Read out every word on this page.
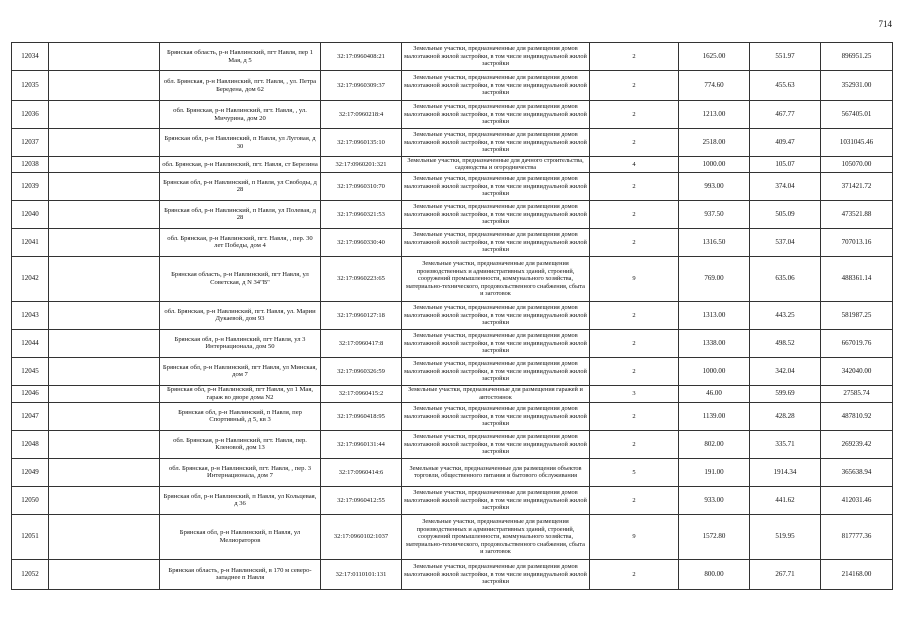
714
12034		Брянская область, р-н Навлинский, пгт Навля, пер 1 Мая, д 5	32:17:0960408:21	Земельные участки, предназначенные для размещения домов малоэтажной жилой застройки, в том числе индивидуальной жилой застройки	2	1625.00	551.97	896951.25
12035		обл. Брянская, р-н Навлинский, пгт. Навля, , ул. Петра Бередена, дом 62	32:17:0960309:37	Земельные участки, предназначенные для размещения домов малоэтажной жилой застройки, в том числе индивидуальной жилой застройки	2	774.60	455.63	352931.00
12036		обл. Брянская, р-н Навлинский, пгт. Навля, , ул. Мичурина, дом 20	32:17:0960218:4	Земельные участки, предназначенные для размещения домов малоэтажной жилой застройки, в том числе индивидуальной жилой застройки	2	1213.00	467.77	567405.01
12037		Брянская обл, р-н Навлинский, п Навля, ул Луговая, д 30	32:17:0960135:10	Земельные участки, предназначенные для размещения домов малоэтажной жилой застройки, в том числе индивидуальной жилой застройки	2	2518.00	409.47	1031045.46
12038		обл. Брянская, р-н Навлинский, пгт. Навля, ст Березина	32:17:0960201:321	Земельные участки, предназначенные для дачного строительства, садоводства и огородничества	4	1000.00	105.07	105070.00
12039		Брянская обл, р-н Навлинский, п Навля, ул Свободы, д 28	32:17:0960310:70	Земельные участки, предназначенные для размещения домов малоэтажной жилой застройки, в том числе индивидуальной жилой застройки	2	993.00	374.04	371421.72
12040		Брянская обл, р-н Навлинский, п Навля, ул Полевая, д 28	32:17:0960321:53	Земельные участки, предназначенные для размещения домов малоэтажной жилой застройки, в том числе индивидуальной жилой застройки	2	937.50	505.09	473521.88
12041		обл. Брянская, р-н Навлинский, пгт. Навля, , пер. 30 лет Победы, дом 4	32:17:0960330:40	Земельные участки, предназначенные для размещения домов малоэтажной жилой застройки, в том числе индивидуальной жилой застройки	2	1316.50	537.04	707013.16
12042		Брянская область, р-н Навлинский, пгт Навля, ул Советская, д N 34"В"	32:17:0960223:65	Земельные участки, предназначенные для размещения производственных и административных зданий, строений, сооружений промышленности, коммунального хозяйства, материально-технического, продовольственного снабжения, сбыта и заготовок	9	769.00	635.06	488361.14
12043		обл. Брянская, р-н Навлинский, пгт. Навля, ул. Марии Дукаевой, дом 93	32:17:0960127:18	Земельные участки, предназначенные для размещения домов малоэтажной жилой застройки, в том числе индивидуальной жилой застройки	2	1313.00	443.25	581987.25
12044		Брянская обл, р-н Навлинский, пгт Навля, ул 3 Интернационала, дом 50	32:17:0960417:8	Земельные участки, предназначенные для размещения домов малоэтажной жилой застройки, в том числе индивидуальной жилой застройки	2	1338.00	498.52	667019.76
12045		Брянская обл, р-н Навлинский, пгт Навля, ул Минская, дом 7	32:17:0960326:59	Земельные участки, предназначенные для размещения домов малоэтажной жилой застройки, в том числе индивидуальной жилой застройки	2	1000.00	342.04	342040.00
12046		Брянская обл, р-н Навлинский, пгт Навля, ул 1 Мая, гараж во дворе дома N2	32:17:0960415:2	Земельные участки, предназначенные для размещения гаражей и автостоянок	3	46.00	599.69	27585.74
12047		Брянская обл, р-н Навлинский, п Навля, пер Спортивный, д 5, кв 3	32:17:0960418:95	Земельные участки, предназначенные для размещения домов малоэтажной жилой застройки, в том числе индивидуальной жилой застройки	2	1139.00	428.28	487810.92
12048		обл. Брянская, р-н Навлинский, пгт. Навля, пер. Кленовой, дом 13	32:17:0960131:44	Земельные участки, предназначенные для размещения домов малоэтажной жилой застройки, в том числе индивидуальной жилой застройки	2	802.00	335.71	269239.42
12049		обл. Брянская, р-н Навлинский, пгт. Навля, , пер. 3 Интернационала, дом 7	32:17:0960414:6	Земельные участки, предназначенные для размещения объектов торговли, общественного питания и бытового обслуживания	5	191.00	1914.34	365638.94
12050		Брянская обл, р-н Навлинский, п Навля, ул Кольцевая, д 36	32:17:0960412:55	Земельные участки, предназначенные для размещения домов малоэтажной жилой застройки, в том числе индивидуальной жилой застройки	2	933.00	441.62	412031.46
12051		Брянская обл, р-н Навлинский, п Навля, ул Мелиораторов	32:17:0960102:1037	Земельные участки, предназначенные для размещения производственных и административных зданий, строений, сооружений промышленности, коммунального хозяйства, материально-технического, продовольственного снабжения, сбыта и заготовок	9	1572.80	519.95	817777.36
12052		Брянская область, р-н Навлинский, в 170 м северо-западнее п Навля	32:17:0110101:131	Земельные участки, предназначенные для размещения домов малоэтажной жилой застройки, в том числе индивидуальной жилой застройки	2	800.00	267.71	214168.00
